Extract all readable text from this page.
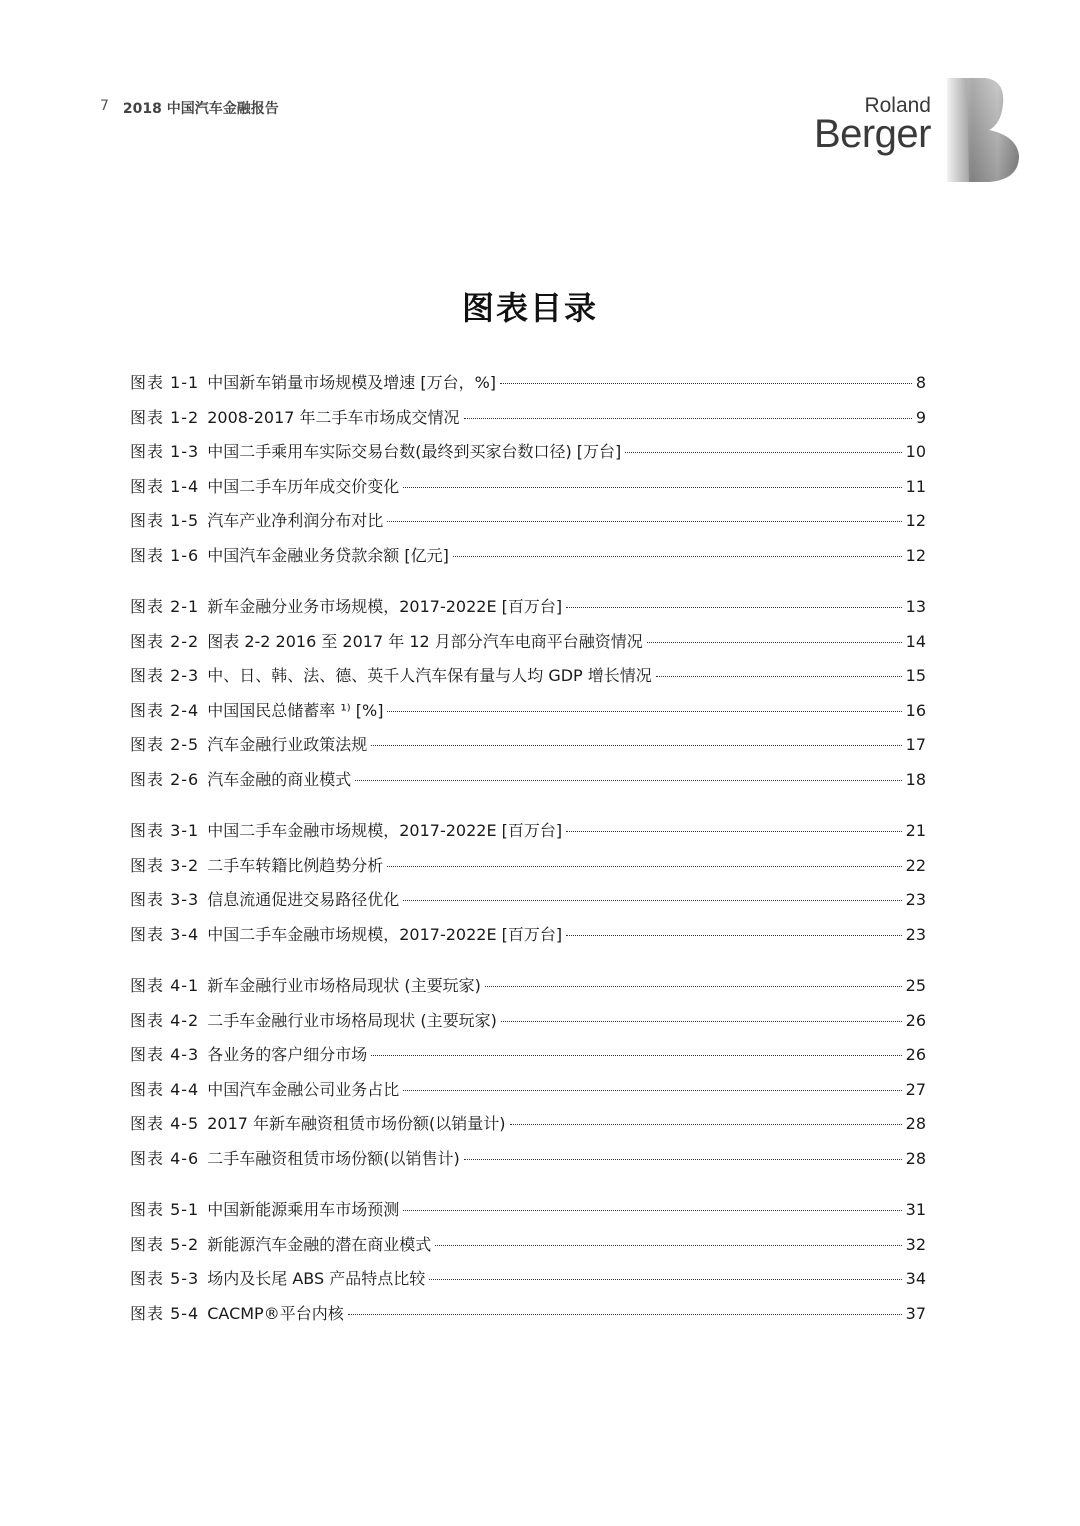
7 2018 中国汽车金融报告	Roland
Berger
图表目录
图表 1-1 中国新车销量市场规模及增速 [万台，%]	8
图表 1-2 2008-2017 年二手车市场成交情况	9
图表 1-3 中国二手乘用车实际交易台数(最终到买家台数口径) [万台]	10
图表 1-4 中国二手车历年成交价变化	11
图表 1-5 汽车产业净利润分布对比	12
图表 1-6 中国汽车金融业务贷款余额 [亿元]	12
图表 2-1 新车金融分业务市场规模，2017-2022E [百万台]	13
图表 2-2 图表 2-2 2016 至 2017 年 12 月部分汽车电商平台融资情况	14
图表 2-3 中、日、韩、法、德、英千人汽车保有量与人均 GDP 增长情况	15
图表 2-4 中国国民总储蓄率 ¹⁾ [%]	16
图表 2-5 汽车金融行业政策法规	17
图表 2-6 汽车金融的商业模式	18
图表 3-1 中国二手车金融市场规模，2017-2022E [百万台]	21
图表 3-2 二手车转籍比例趋势分析	22
图表 3-3 信息流通促进交易路径优化	23
图表 3-4 中国二手车金融市场规模，2017-2022E [百万台]	23
图表 4-1 新车金融行业市场格局现状 (主要玩家)	25
图表 4-2 二手车金融行业市场格局现状 (主要玩家)	26
图表 4-3 各业务的客户细分市场	26
图表 4-4 中国汽车金融公司业务占比	27
图表 4-5 2017 年新车融资租赁市场份额(以销量计)	28
图表 4-6 二手车融资租赁市场份额(以销售计)	28
图表 5-1 中国新能源乘用车市场预测	31
图表 5-2 新能源汽车金融的潜在商业模式	32
图表 5-3 场内及长尾 ABS 产品特点比较	34
图表 5-4 CACMP®平台内核	37
